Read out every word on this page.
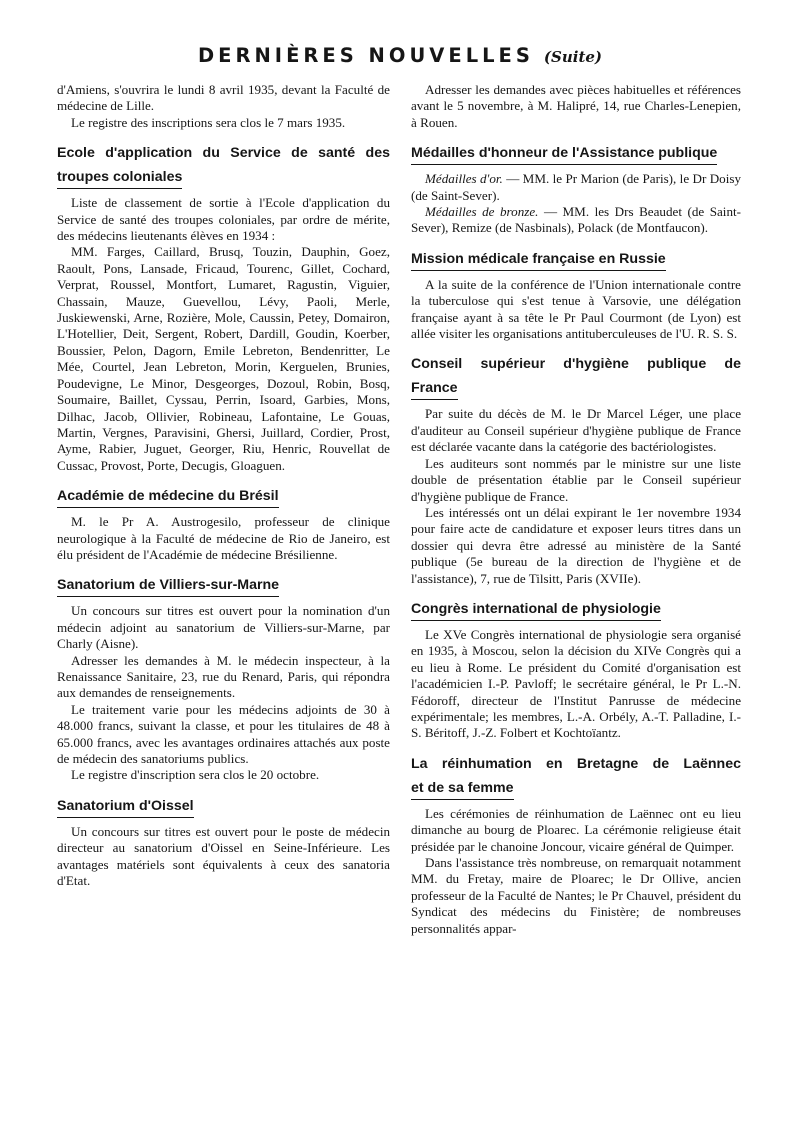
DERNIÈRES NOUVELLES (Suite)

d'Amiens, s'ouvrira le lundi 8 avril 1935, devant la Faculté de médecine de Lille.

Le registre des inscriptions sera clos le 7 mars 1935.

Ecole d'application du Service de santé des
troupes coloniales

Liste de classement de sortie à l'Ecole d'application du Service de santé des troupes coloniales, par ordre de mérite, des médecins lieutenants élèves en 1934 :

MM. Farges, Caillard, Brusq, Touzin, Dauphin, Goez, Raoult, Pons, Lansade, Fricaud, Tourenc, Gillet, Cochard, Verprat, Roussel, Montfort, Lumaret, Ragustin, Viguier, Chassain, Mauze, Guevellou, Lévy, Paoli, Merle, Juskiewenski, Arne, Rozière, Mole, Caussin, Petey, Domairon, L'Hotellier, Deit, Sergent, Robert, Dardill, Goudin, Koerber, Boussier, Pelon, Dagorn, Emile Lebreton, Bendenritter, Le Mée, Courtel, Jean Lebreton, Morin, Kerguelen, Brunies, Poudevigne, Le Minor, Desgeorges, Dozoul, Robin, Bosq, Soumaire, Baillet, Cyssau, Perrin, Isoard, Garbies, Mons, Dilhac, Jacob, Ollivier, Robineau, Lafontaine, Le Gouas, Martin, Vergnes, Paravisini, Ghersi, Juillard, Cordier, Prost, Ayme, Rabier, Juguet, Georger, Riu, Henric, Rouvellat de Cussac, Provost, Porte, Decugis, Gloaguen.

Académie de médecine du Brésil

M. le Pr A. Austrogesilo, professeur de clinique neurologique à la Faculté de médecine de Rio de Janeiro, est élu président de l'Académie de médecine Brésilienne.

Sanatorium de Villiers-sur-Marne

Un concours sur titres est ouvert pour la nomination d'un médecin adjoint au sanatorium de Villiers-sur-Marne, par Charly (Aisne).

Adresser les demandes à M. le médecin inspecteur, à la Renaissance Sanitaire, 23, rue du Renard, Paris, qui répondra aux demandes de renseignements.

Le traitement varie pour les médecins adjoints de 30 à 48.000 francs, suivant la classe, et pour les titulaires de 48 à 65.000 francs, avec les avantages ordinaires attachés aux poste de médecin des sanatoriums publics.

Le registre d'inscription sera clos le 20 octobre.

Sanatorium d'Oissel

Un concours sur titres est ouvert pour le poste de médecin directeur au sanatorium d'Oissel en Seine-Inférieure. Les avantages matériels sont équivalents à ceux des sanatoria d'Etat.

Adresser les demandes avec pièces habituelles et références avant le 5 novembre, à M. Halipré, 14, rue Charles-Lenepien, à Rouen.

Médailles d'honneur de l'Assistance publique

Médailles d'or. — MM. le Pr Marion (de Paris), le Dr Doisy (de Saint-Sever).

Médailles de bronze. — MM. les Drs Beaudet (de Saint-Sever), Remize (de Nasbinals), Polack (de Montfaucon).

Mission médicale française en Russie

A la suite de la conférence de l'Union internationale contre la tuberculose qui s'est tenue à Varsovie, une délégation française ayant à sa tête le Pr Paul Courmont (de Lyon) est allée visiter les organisations antituberculeuses de l'U. R. S. S.

Conseil supérieur d'hygiène publique de
France

Par suite du décès de M. le Dr Marcel Léger, une place d'auditeur au Conseil supérieur d'hygiène publique de France est déclarée vacante dans la catégorie des bactériologistes.

Les auditeurs sont nommés par le ministre sur une liste double de présentation établie par le Conseil supérieur d'hygiène publique de France.

Les intéressés ont un délai expirant le 1er novembre 1934 pour faire acte de candidature et exposer leurs titres dans un dossier qui devra être adressé au ministère de la Santé publique (5e bureau de la direction de l'hygiène et de l'assistance), 7, rue de Tilsitt, Paris (XVIIe).

Congrès international de physiologie

Le XVe Congrès international de physiologie sera organisé en 1935, à Moscou, selon la décision du XIVe Congrès qui a eu lieu à Rome. Le président du Comité d'organisation est l'académicien I.-P. Pavloff; le secrétaire général, le Pr L.-N. Fédoroff, directeur de l'Institut Panrusse de médecine expérimentale; les membres, L.-A. Orbély, A.-T. Palladine, I.-S. Béritoff, J.-Z. Folbert et Kochtoïantz.

La réinhumation en Bretagne de Laënnec
et de sa femme

Les cérémonies de réinhumation de Laënnec ont eu lieu dimanche au bourg de Ploarec. La cérémonie religieuse était présidée par le chanoine Joncour, vicaire général de Quimper.

Dans l'assistance très nombreuse, on remarquait notamment MM. du Fretay, maire de Ploarec; le Dr Ollive, ancien professeur de la Faculté de Nantes; le Pr Chauvel, président du Syndicat des médecins du Finistère; de nombreuses personnalités appar-
